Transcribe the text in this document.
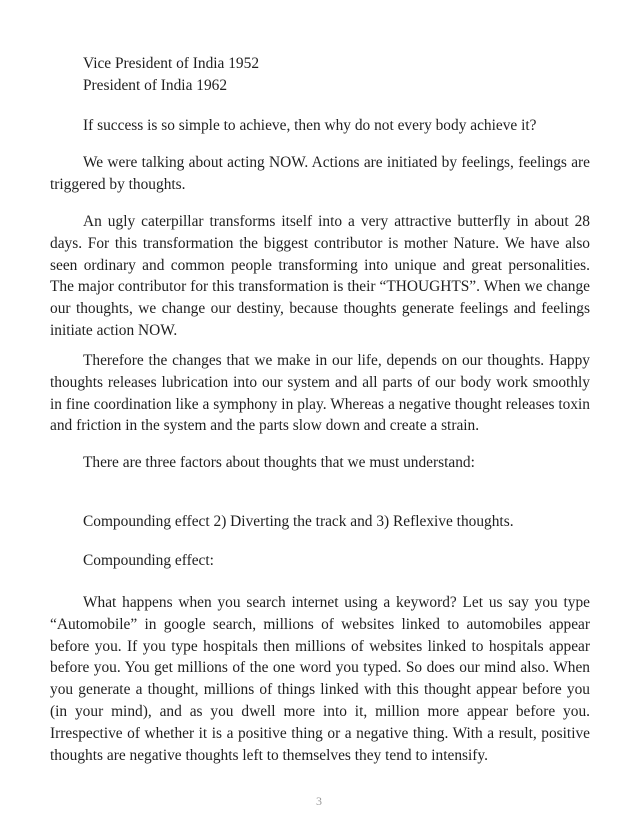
Vice President of India 1952
President of India 1962

If success is so simple to achieve, then why do not every body achieve it?

We were talking about acting NOW. Actions are initiated by feelings, feelings are triggered by thoughts.

An ugly caterpillar transforms itself into a very attractive butterfly in about 28 days. For this transformation the biggest contributor is mother Nature. We have also seen ordinary and common people transforming into unique and great personalities. The major contributor for this transformation is their “THOUGHTS”. When we change our thoughts, we change our destiny, because thoughts generate feelings and feelings initiate action NOW.

Therefore the changes that we make in our life, depends on our thoughts. Happy thoughts releases lubrication into our system and all parts of our body work smoothly in fine coordination like a symphony in play. Whereas a negative thought releases toxin and friction in the system and the parts slow down and create a strain.

There are three factors about thoughts that we must understand:

Compounding effect 2) Diverting the track and 3) Reflexive thoughts.

Compounding effect:

What happens when you search internet using a keyword? Let us say you type “Automobile” in google search, millions of websites linked to automobiles appear before you. If you type hospitals then millions of websites linked to hospitals appear before you. You get millions of the one word you typed. So does our mind also. When you generate a thought, millions of things linked with this thought appear before you (in your mind), and as you dwell more into it, million more appear before you. Irrespective of whether it is a positive thing or a negative thing. With a result, positive thoughts are negative thoughts left to themselves they tend to intensify.

3
